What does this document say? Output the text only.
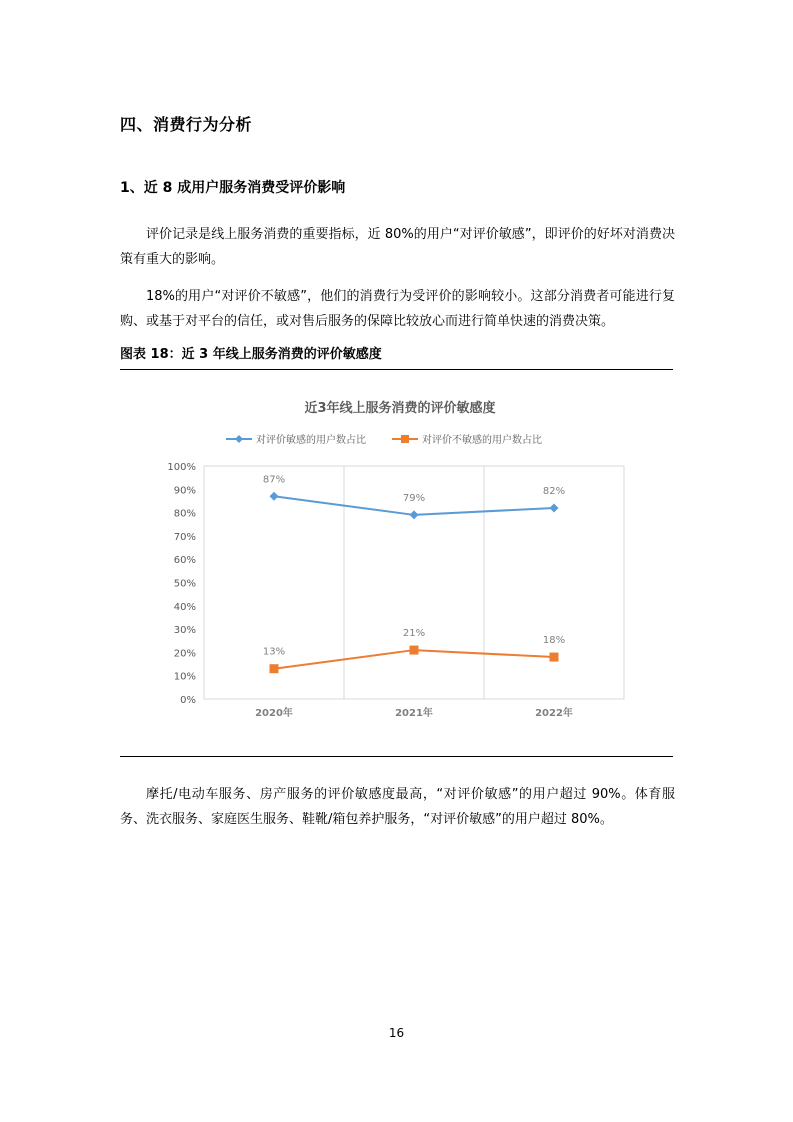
四、消费行为分析
1、近 8 成用户服务消费受评价影响

评价记录是线上服务消费的重要指标，近 80%的用户“对评价敏感”，即评价的好坏对消费决策有重大的影响。

18%的用户“对评价不敏感”，他们的消费行为受评价的影响较小。这部分消费者可能进行复购、或基于对平台的信任，或对售后服务的保障比较放心而进行简单快速的消费决策。

图表 18：近 3 年线上服务消费的评价敏感度

近3年线上服务消费的评价敏感度
对评价敏感的用户数占比	对评价不敏感的用户数占比
0%
10%
20%
30%
40%
50%
60%
70%
80%
90%
100%
2020年	2021年	2022年
87%
79%
82%
13%
21%
18%

摩托/电动车服务、房产服务的评价敏感度最高，“对评价敏感”的用户超过 90%。体育服务、洗衣服务、家庭医生服务、鞋靴/箱包养护服务，“对评价敏感”的用户超过 80%。

16
